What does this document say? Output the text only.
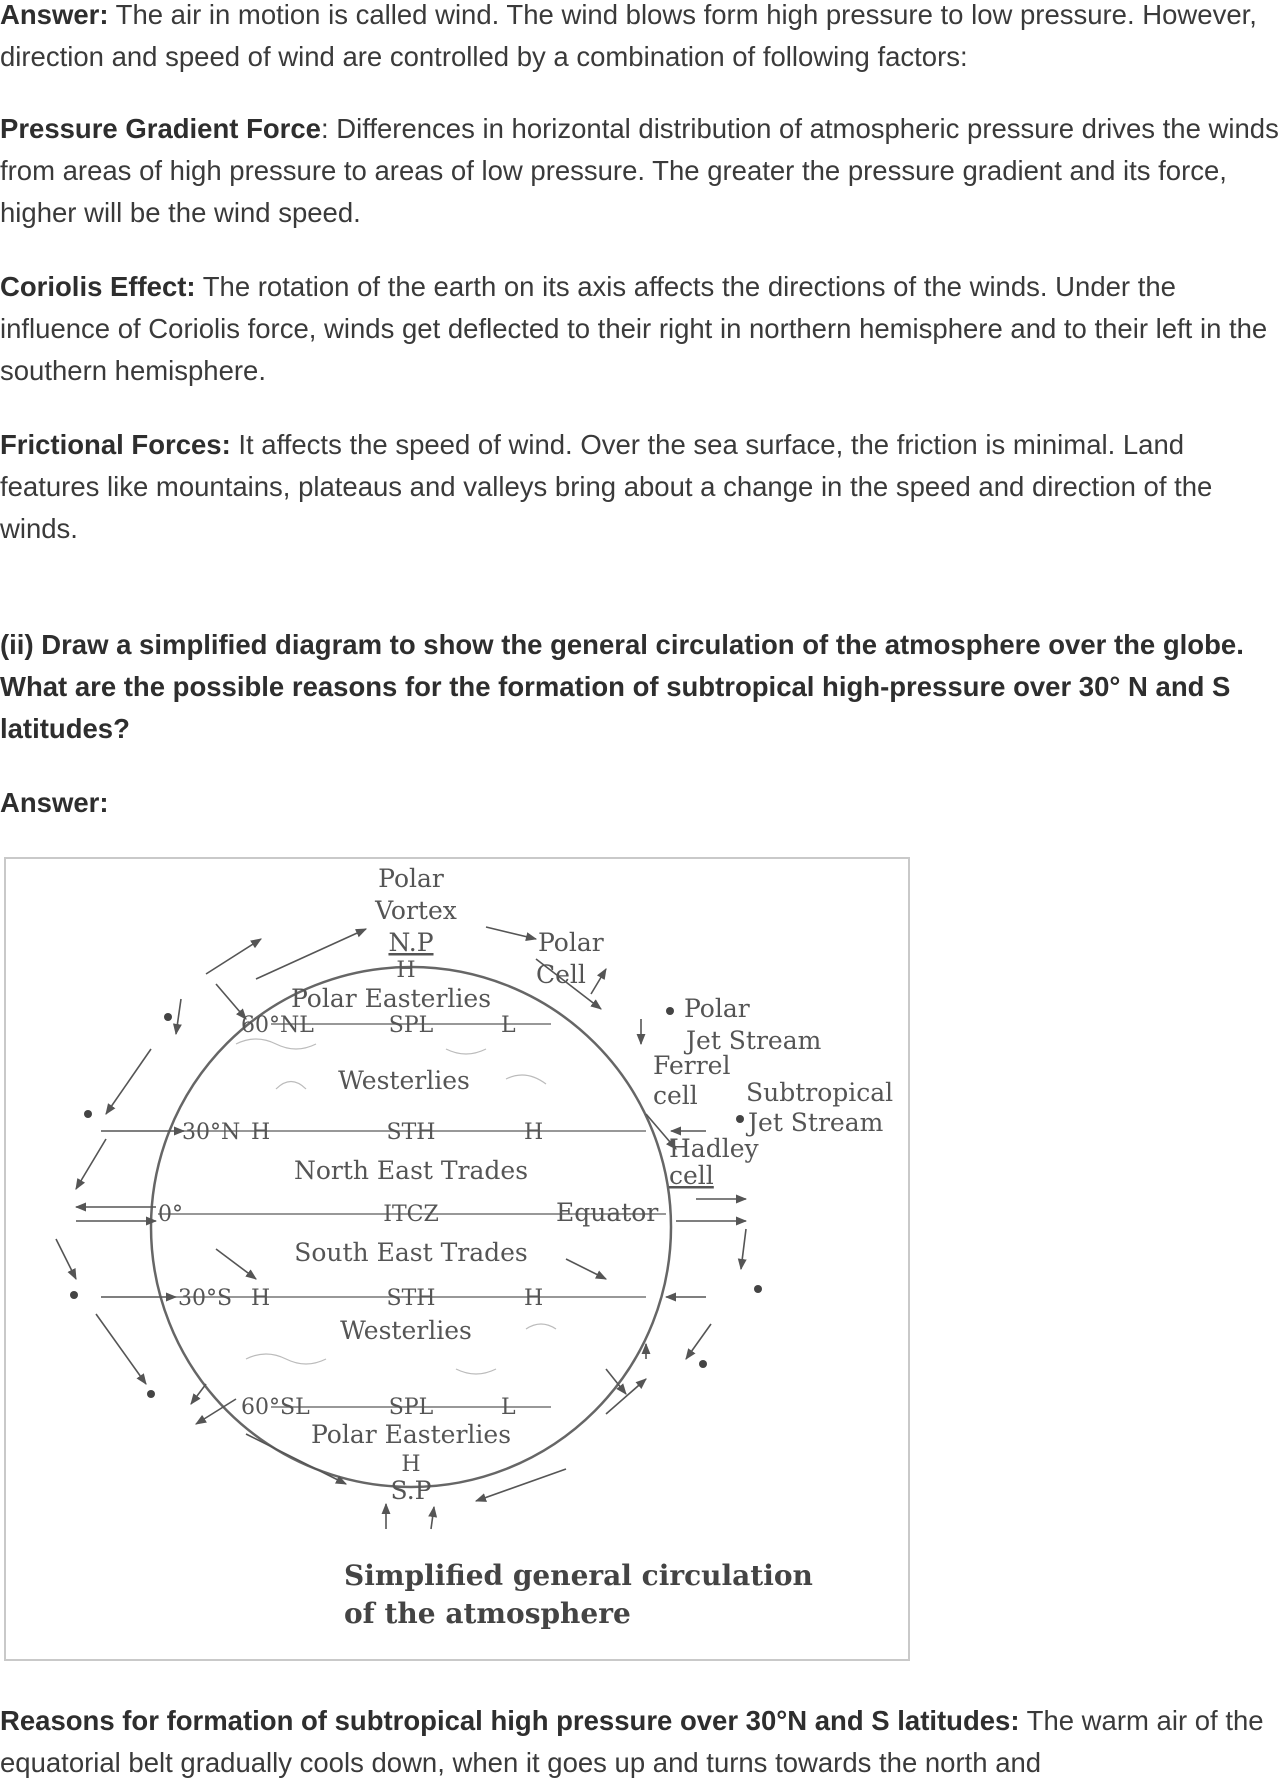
Answer: The air in motion is called wind. The wind blows form high pressure to low pressure. However, direction and speed of wind are controlled by a combination of following factors:

Pressure Gradient Force: Differences in horizontal distribution of atmospheric pressure drives the winds from areas of high pressure to areas of low pressure. The greater the pressure gradient and its force, higher will be the wind speed.

Coriolis Effect: The rotation of the earth on its axis affects the directions of the winds. Under the influence of Coriolis force, winds get deflected to their right in northern hemisphere and to their left in the southern hemisphere.

Frictional Forces: It affects the speed of wind. Over the sea surface, the friction is minimal. Land features like mountains, plateaus and valleys bring about a change in the speed and direction of the winds.

(ii) Draw a simplified diagram to show the general circulation of the atmosphere over the globe. What are the possible reasons for the formation of subtropical high-pressure over 30° N and S latitudes?

Answer:

Polar
Vortex
N.P
H
Polar
Cell
Polar Easterlies
60°NL	SPL	L
Polar
Jet Stream
Westerlies
Ferrel
cell Subtropical
Jet Stream
30°N H	STH	H
Hadley
cell
North East Trades
0°	ITCZ	Equator
South East Trades
30°S H	STH	H
Westerlies
60°SL	SPL	L
Polar Easterlies
H
S.P
Simplified general circulation
of the atmosphere

Reasons for formation of subtropical high pressure over 30°N and S latitudes: The warm air of the equatorial belt gradually cools down, when it goes up and turns towards the north and
